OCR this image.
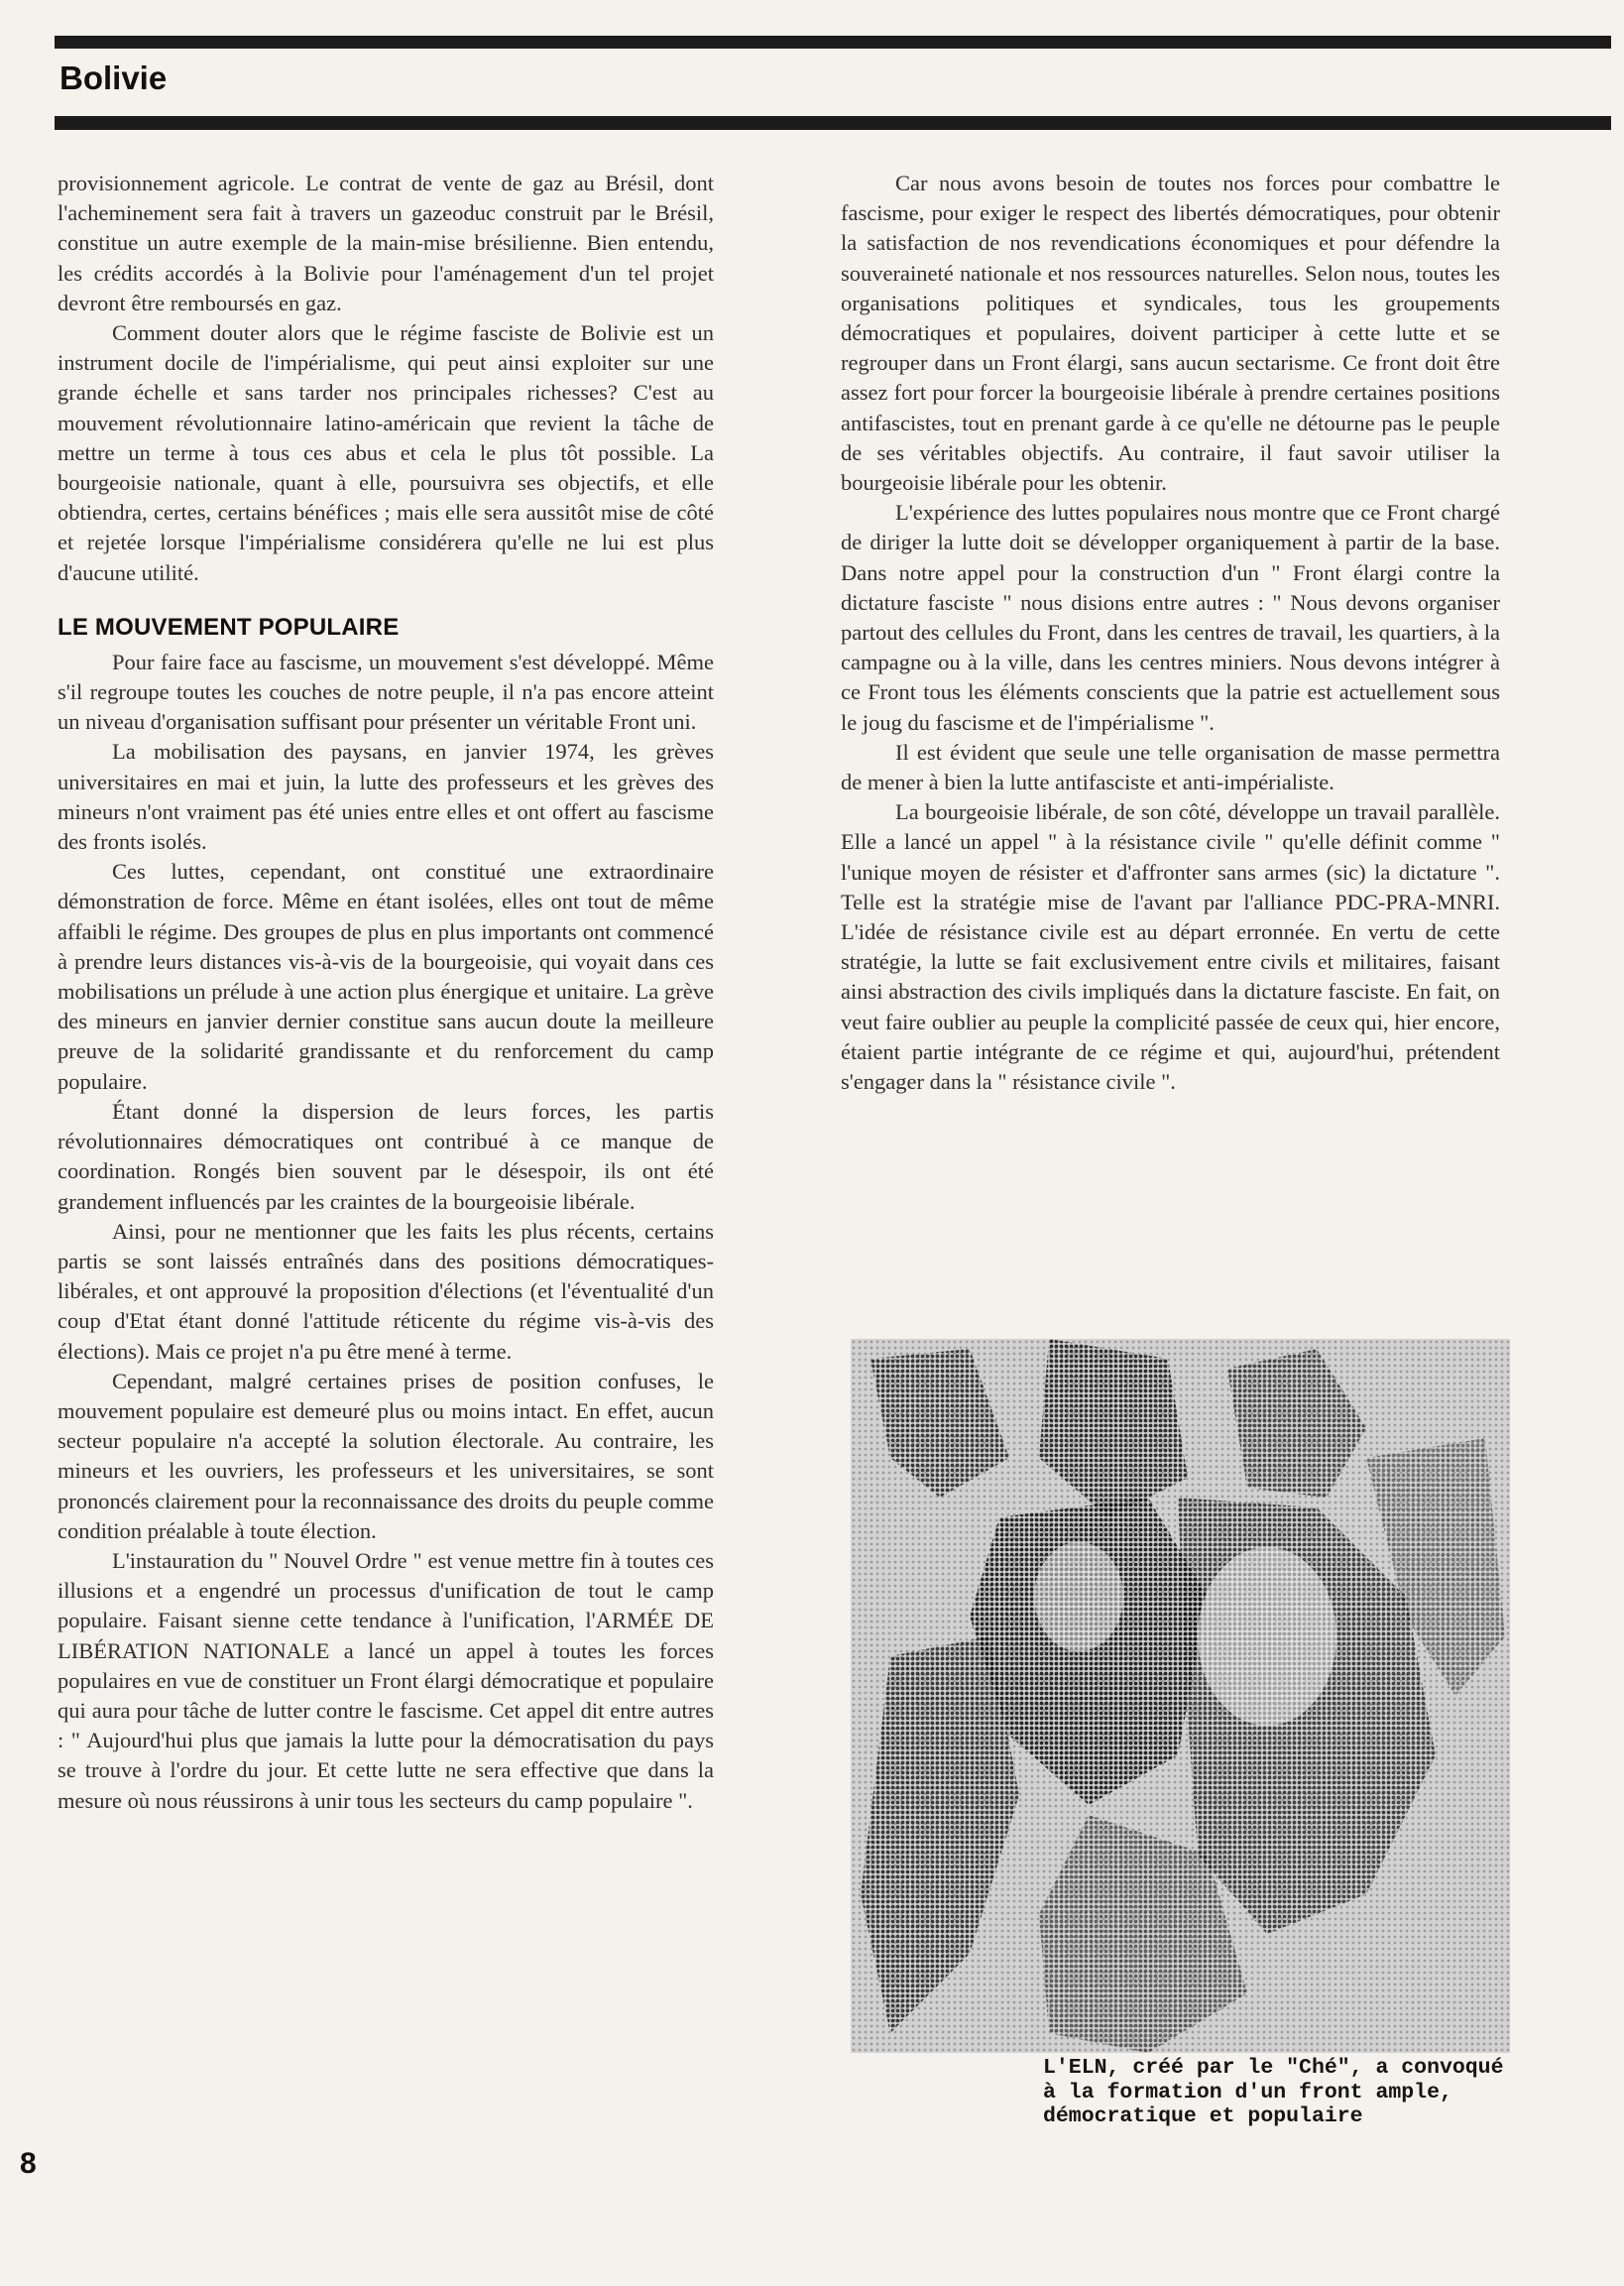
Bolivie

provisionnement agricole. Le contrat de vente de gaz au Brésil, dont l'acheminement sera fait à travers un gazeoduc construit par le Brésil, constitue un autre exemple de la main-mise brésilienne. Bien entendu, les crédits accordés à la Bolivie pour l'aménagement d'un tel projet devront être remboursés en gaz.

Comment douter alors que le régime fasciste de Bolivie est un instrument docile de l'impérialisme, qui peut ainsi exploiter sur une grande échelle et sans tarder nos principales richesses? C'est au mouvement révolutionnaire latino-américain que revient la tâche de mettre un terme à tous ces abus et cela le plus tôt possible. La bourgeoisie nationale, quant à elle, poursuivra ses objectifs, et elle obtiendra, certes, certains bénéfices ; mais elle sera aussitôt mise de côté et rejetée lorsque l'impérialisme considérera qu'elle ne lui est plus d'aucune utilité.

LE MOUVEMENT POPULAIRE

Pour faire face au fascisme, un mouvement s'est développé. Même s'il regroupe toutes les couches de notre peuple, il n'a pas encore atteint un niveau d'organisation suffisant pour présenter un véritable Front uni.

La mobilisation des paysans, en janvier 1974, les grèves universitaires en mai et juin, la lutte des professeurs et les grèves des mineurs n'ont vraiment pas été unies entre elles et ont offert au fascisme des fronts isolés.

Ces luttes, cependant, ont constitué une extraordinaire démonstration de force. Même en étant isolées, elles ont tout de même affaibli le régime. Des groupes de plus en plus importants ont commencé à prendre leurs distances vis-à-vis de la bourgeoisie, qui voyait dans ces mobilisations un prélude à une action plus énergique et unitaire. La grève des mineurs en janvier dernier constitue sans aucun doute la meilleure preuve de la solidarité grandissante et du renforcement du camp populaire.

Étant donné la dispersion de leurs forces, les partis révolutionnaires démocratiques ont contribué à ce manque de coordination. Rongés bien souvent par le désespoir, ils ont été grandement influencés par les craintes de la bourgeoisie libérale.

Ainsi, pour ne mentionner que les faits les plus récents, certains partis se sont laissés entraînés dans des positions démocratiques-libérales, et ont approuvé la proposition d'élections (et l'éventualité d'un coup d'Etat étant donné l'attitude réticente du régime vis-à-vis des élections). Mais ce projet n'a pu être mené à terme.

Cependant, malgré certaines prises de position confuses, le mouvement populaire est demeuré plus ou moins intact. En effet, aucun secteur populaire n'a accepté la solution électorale. Au contraire, les mineurs et les ouvriers, les professeurs et les universitaires, se sont prononcés clairement pour la reconnaissance des droits du peuple comme condition préalable à toute élection.

L'instauration du " Nouvel Ordre " est venue mettre fin à toutes ces illusions et a engendré un processus d'unification de tout le camp populaire. Faisant sienne cette tendance à l'unification, l'ARMÉE DE LIBÉRATION NATIONALE a lancé un appel à toutes les forces populaires en vue de constituer un Front élargi démocratique et populaire qui aura pour tâche de lutter contre le fascisme. Cet appel dit entre autres : " Aujourd'hui plus que jamais la lutte pour la démocratisation du pays se trouve à l'ordre du jour. Et cette lutte ne sera effective que dans la mesure où nous réussirons à unir tous les secteurs du camp populaire ".

Car nous avons besoin de toutes nos forces pour combattre le fascisme, pour exiger le respect des libertés démocratiques, pour obtenir la satisfaction de nos revendications économiques et pour défendre la souveraineté nationale et nos ressources naturelles. Selon nous, toutes les organisations politiques et syndicales, tous les groupements démocratiques et populaires, doivent participer à cette lutte et se regrouper dans un Front élargi, sans aucun sectarisme. Ce front doit être assez fort pour forcer la bourgeoisie libérale à prendre certaines positions antifascistes, tout en prenant garde à ce qu'elle ne détourne pas le peuple de ses véritables objectifs. Au contraire, il faut savoir utiliser la bourgeoisie libérale pour les obtenir.

L'expérience des luttes populaires nous montre que ce Front chargé de diriger la lutte doit se développer organiquement à partir de la base. Dans notre appel pour la construction d'un " Front élargi contre la dictature fasciste " nous disions entre autres : " Nous devons organiser partout des cellules du Front, dans les centres de travail, les quartiers, à la campagne ou à la ville, dans les centres miniers. Nous devons intégrer à ce Front tous les éléments conscients que la patrie est actuellement sous le joug du fascisme et de l'impérialisme ".

Il est évident que seule une telle organisation de masse permettra de mener à bien la lutte antifasciste et anti-impérialiste.

La bourgeoisie libérale, de son côté, développe un travail parallèle. Elle a lancé un appel " à la résistance civile " qu'elle définit comme " l'unique moyen de résister et d'affronter sans armes (sic) la dictature ". Telle est la stratégie mise de l'avant par l'alliance PDC-PRA-MNRI. L'idée de résistance civile est au départ erronnée. En vertu de cette stratégie, la lutte se fait exclusivement entre civils et militaires, faisant ainsi abstraction des civils impliqués dans la dictature fasciste. En fait, on veut faire oublier au peuple la complicité passée de ceux qui, hier encore, étaient partie intégrante de ce régime et qui, aujourd'hui, prétendent s'engager dans la " résistance civile ".

L'ELN, créé par le "Ché", a convoqué à la formation d'un front ample, démocratique et populaire

8
